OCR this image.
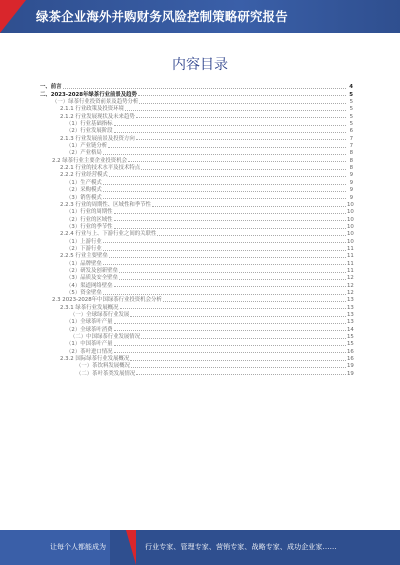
绿茶企业海外并购财务风险控制策略研究报告
内容目录
一、前言	4
二、2023-2028年绿茶行业前景及趋势	5
（一）绿茶行业投资前景及趋势分析	5
2.1.1 行业政策及投资环境	5
2.1.2 行业发展现状及未来趋势	5
（1）行业基础指标	5
（2）行业发展阶段	6
2.1.3 行业发展前景及投资方向	7
（1）产业链分析	7
（2）产业格局	8
2.2 绿茶行业主要企业投资机会	8
2.2.1 行业的技术水平及技术特点	8
2.2.2 行业经营模式	9
（1）生产模式	9
（2）采购模式	9
（3）销售模式	9
2.2.3 行业的周期性、区域性和季节性	10
（1）行业的周期性	10
（2）行业的区域性	10
（3）行业的季节性	10
2.2.4 行业与上、下游行业之间的关联性	10
（1）上游行业	10
（2）下游行业	11
2.2.5 行业主要壁垒	11
（1）品牌壁垒	11
（2）研发及创新壁垒	11
（3）品质及安全壁垒	12
（4）渠道网络壁垒	12
（5）资金壁垒	12
2.3 2023-2028年中国绿茶行业投资机会分析	13
2.3.1 绿茶行业发展概况	13
（一）全球绿茶行业发展	13
（1）全球茶叶产量	13
（2）全球茶叶消费	14
（二）中国绿茶行业发展情况	15
（1）中国茶叶产量	15
（2）茶叶进口情况	16
2.3.2 国际绿茶行业发展概况	16
（一）茶饮料发展概况	19
（二）茶叶茶类发展情况	19
让每个人都能成为	行业专家、管理专家、营销专家、战略专家、成功企业家……
